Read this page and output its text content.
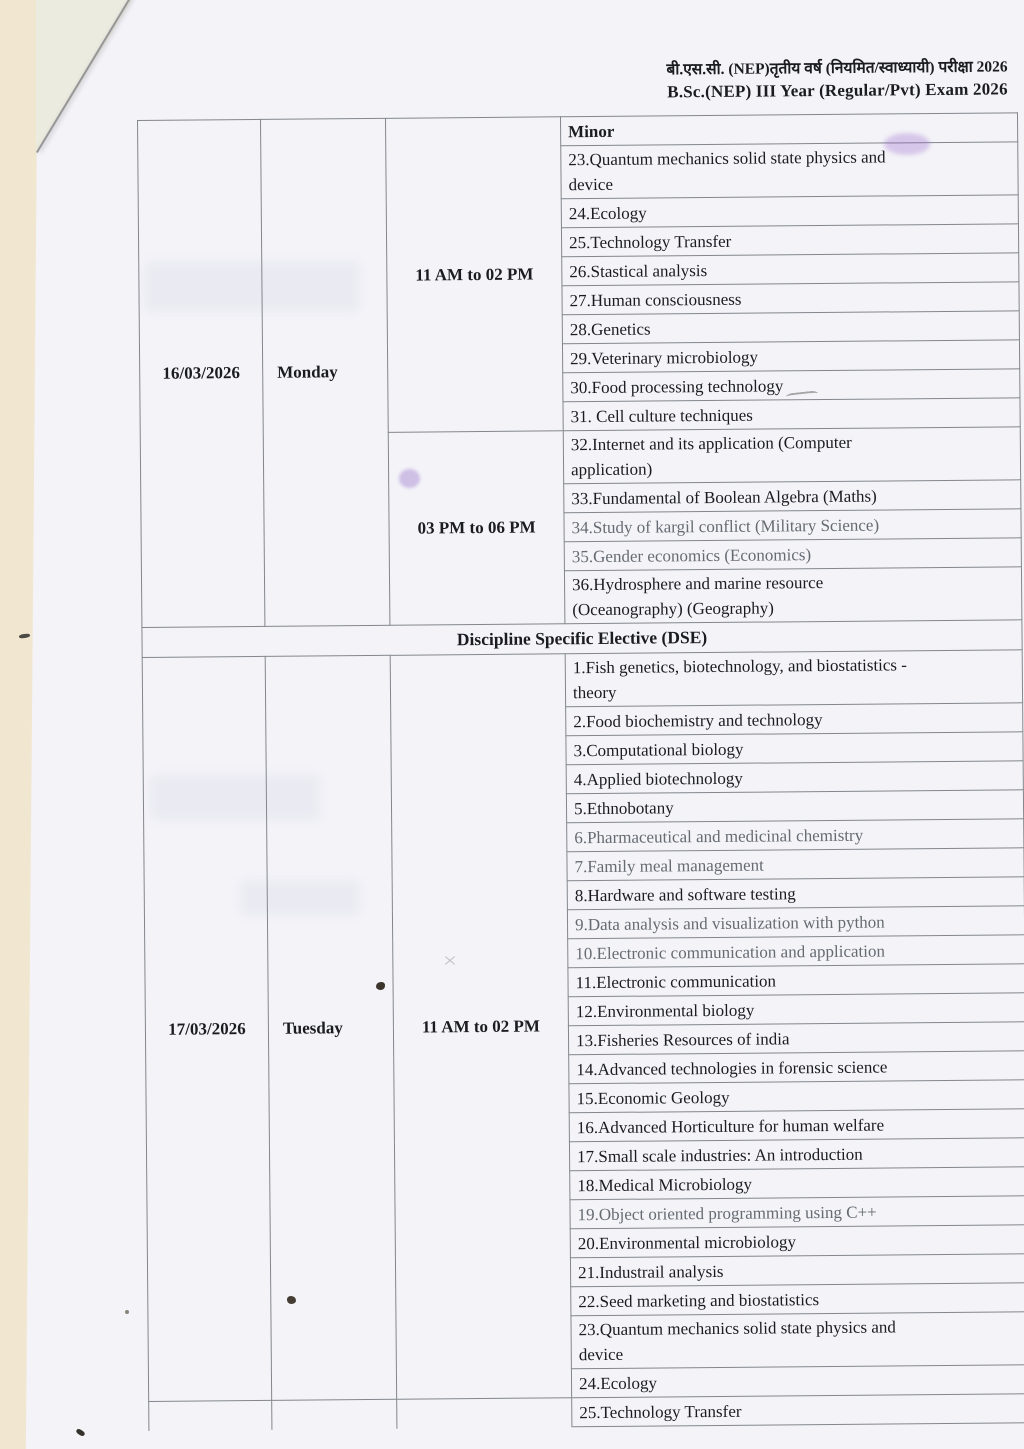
बी.एस.सी. (NEP)तृतीय वर्ष (नियमित/स्वाध्यायी) परीक्षा 2026
B.Sc.(NEP) III Year (Regular/Pvt) Exam 2026
16/03/2026	Monday	11 AM to 02 PM	Minor
			23.Quantum mechanics solid state physics and
device
			24.Ecology
			25.Technology Transfer
			26.Stastical analysis
			27.Human consciousness
			28.Genetics
			29.Veterinary microbiology
			30.Food processing technology
			31. Cell culture techniques
		03 PM to 06 PM	32.Internet and its application (Computer
application)
			33.Fundamental of Boolean Algebra (Maths)
			34.Study of kargil conflict (Military Science)
			35.Gender economics (Economics)
			36.Hydrosphere and marine resource
(Oceanography) (Geography)
Discipline Specific Elective (DSE)			
17/03/2026	Tuesday	11 AM to 02 PM	1.Fish genetics, biotechnology, and biostatistics -
theory
			2.Food biochemistry and technology
			3.Computational biology
			4.Applied biotechnology
			5.Ethnobotany
			6.Pharmaceutical and medicinal chemistry
			7.Family meal management
			8.Hardware and software testing
			9.Data analysis and visualization with python
			10.Electronic communication and application
			11.Electronic communication
			12.Environmental biology
			13.Fisheries Resources of india
			14.Advanced technologies in forensic science
			15.Economic Geology
			16.Advanced Horticulture for human welfare
			17.Small scale industries: An introduction
			18.Medical Microbiology
			19.Object oriented programming using C++
			20.Environmental microbiology
			21.Industrail analysis
			22.Seed marketing and biostatistics
			23.Quantum mechanics solid state physics and
device
			24.Ecology
			25.Technology Transfer
